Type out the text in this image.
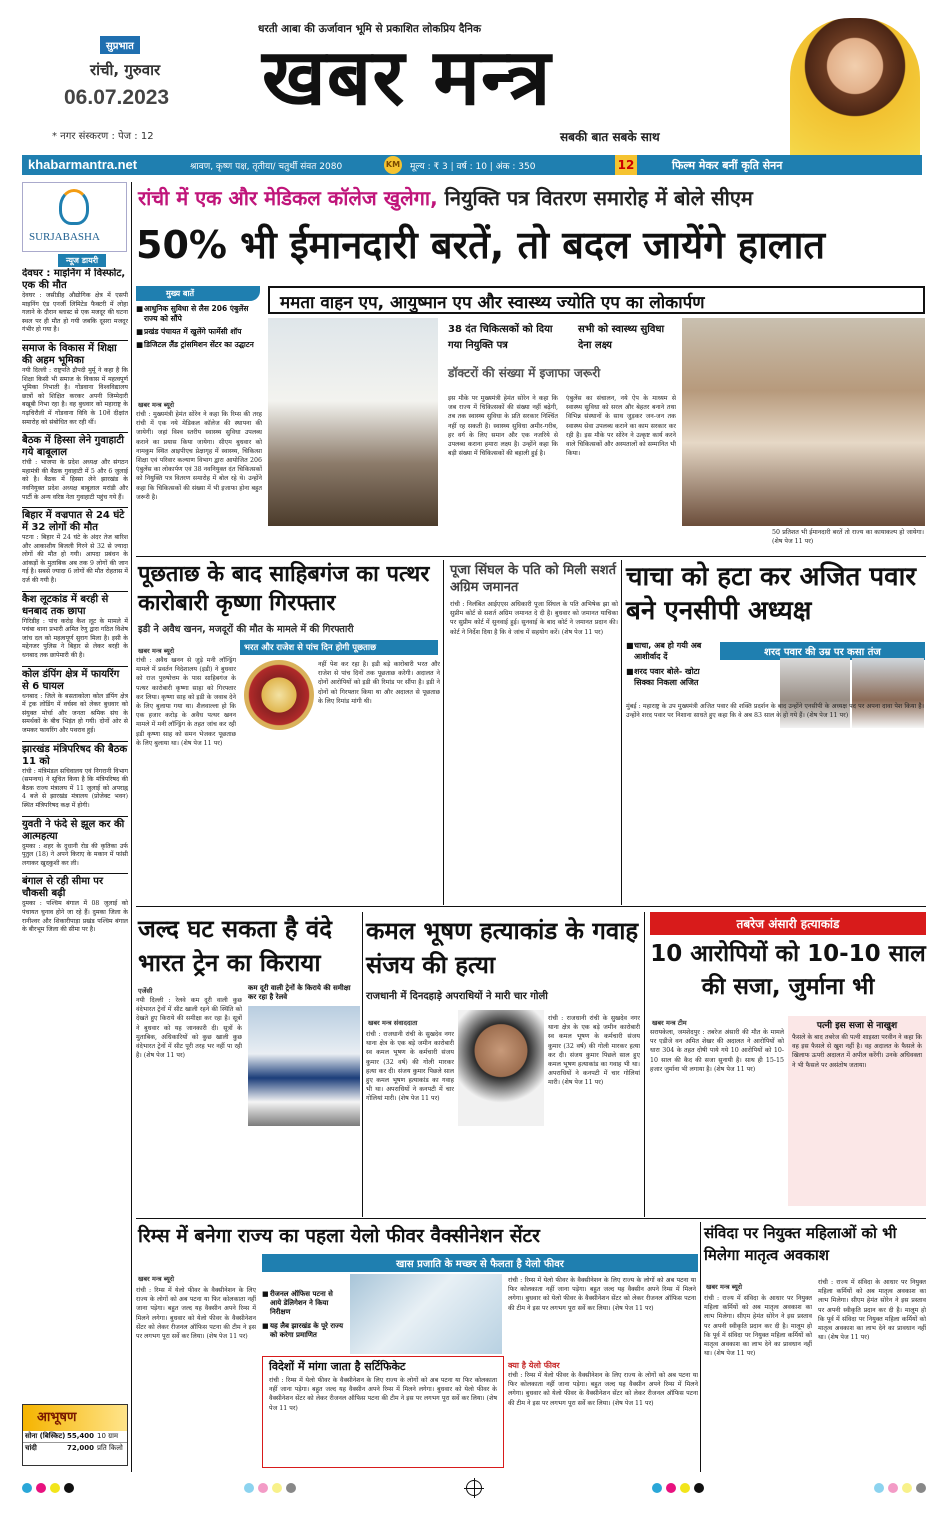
सुप्रभात
रांची, गुरुवार
06.07.2023
* नगर संस्करण : पेज : 12
धरती आबा की ऊर्जावान भूमि से प्रकाशित लोकप्रिय दैनिक
खबर मन्त्र
सबकी बात सबके साथ
khabarmantra.net	श्रावण, कृष्ण पक्ष, तृतीया/ चतुर्थी संवत 2080	KM मूल्य : ₹ 3 | वर्ष : 10 | अंक : 350	12	फिल्म मेकर बनीं कृति सेनन
SURJABASHA
न्यूज डायरी
देवघर : माइनिंग में विस्फोट, एक की मौत
देवघर : जसीडीह औद्योगिक क्षेत्र में एसपी माइनिंग एंड एनर्जी लिमिटेड फैक्टरी में लोहा गलाने के दौरान ब्लास्ट से एक मजदूर की घटना स्थल पर ही मौत हो गयी जबकि दूसरा मजदूर गंभीर हो गया है।
समाज के विकास में शिक्षा की अहम भूमिका
नयी दिल्ली : राष्ट्रपति द्रौपदी मुर्मू ने कहा है कि शिक्षा किसी भी समाज के विकास में महत्वपूर्ण भूमिका निभाती है। गोंडवाना विश्वविद्यालय छात्रों को शिक्षित करकर अपनी जिम्मेदारी बखूबी निभा रहा है। वह बुधवार को महाराष्ट्र के गढ़चिरौली में गोंडवाना विवि के 10वें दीक्षांत समारोह को संबोधित कर रही थीं।
बैठक में हिस्सा लेने गुवाहाटी गये बाबूलाल
रांची : भाजपा के प्रदेश अध्यक्ष और संगठन महामंत्री की बैठक गुवाहाटी में 5 और 6 जुलाई को है। बैठक में हिस्सा लेने झारखंड के नवनियुक्त प्रदेश अध्यक्ष बाबूलाल मरांडी और पार्टी के अन्य वरिष्ठ नेता गुवाहाटी पहुंच गये हैं।
बिहार में वज्रपात से 24 घंटे में 32 लोगों की मौत
पटना : बिहार में 24 घंटे के अंदर तेज बारिश और आकाशीय बिजली गिरने से 32 से ज्यादा लोगों की मौत हो गयी। आपदा प्रबंधन के आंकड़ों के मुताबिक अब तक 9 लोगों की जान गई है। सबसे ज्यादा 6 लोगों की मौत रोहतास में दर्ज की गयी है।
कैश लूटकांड में बरही से धनबाद तक छापा
गिरिडीह : पांच करोड़ कैश लूट के मामले में पचंबा थाना प्रभारी अमित रेणु द्वारा गठित विशेष जांच दल को महत्वपूर्ण सुराग मिला है। इसी के मद्देनजर पुलिस ने बिहार से लेकर बरही के धनबाद तक छापेमारी की है।
कोल डंपिंग क्षेत्र में फायरिंग से 6 घायल
धनबाद : जिले के बसताकोला कोल डंपिंग क्षेत्र में ट्रक लोडिंग में वर्चस्व को लेकर बुधवार को संयुक्त मोर्चा और जनता श्रमिक संघ के समर्थकों के बीच भिड़ंत हो गयी। दोनों ओर से जमकर फायरिंग और पथराव हुई।
झारखंड मंत्रिपरिषद की बैठक 11 को
रांची : मंत्रिमंडल सचिवालय एवं निगरानी विभाग (समन्वय) ने सूचित किया है कि मंत्रिपरिषद की बैठक राज्य मंत्रालय में 11 जुलाई को अपराह्न 4 बजे से झारखंड मंत्रालय (प्रोजेक्ट भवन) स्थित मंत्रिपरिषद कक्ष में होगी।
युवती ने फंदे से झूल कर की आत्महत्या
दुमका : शहर के दुधानी रोड की कृतिका उर्फ पुतुल (18) ने अपने किराए के मकान में फांसी लगाकर खुदकुशी कर ली।
बंगाल से रही सीमा पर चौकसी बढ़ी
दुमका : पश्चिम बंगाल में 08 जुलाई को पंचायत चुनाव होने जा रहे हैं। दुमका जिला के रानीश्वर और शिकारीपाड़ा प्रखंड पश्चिम बंगाल के बीरभूम जिला की सीमा पर है।
आभूषण
सोना (बिस्किट) 55,400 10 ग्राम
चांदी	72,000 प्रति किलो
रांची में एक और मेडिकल कॉलेज खुलेगा, नियुक्ति पत्र वितरण समारोह में बोले सीएम
50% भी ईमानदारी बरतें, तो बदल जायेंगे हालात
मुख्य बातें
■ आधुनिक सुविधा से लैस 206 एंबुलेंस राज्य को सौंपे
■ प्रखंड पंचायत में खुलेंगे फार्मेसी शॉप
■ डिजिटल लैंड ट्रांसमिशन सेंटर का उद्घाटन
खबर मन्त्र ब्यूरो
रांची : मुख्यमंत्री हेमंत सोरेन ने कहा कि रिम्स की तरह रांची में एक नये मेडिकल कॉलेज की स्थापना की जायेगी। जहां विश्व स्तरीय स्वास्थ्य सुविधा उपलब्ध कराने का प्रयास किया जायेगा। सीएम बुधवार को नामकुम स्थित आइपीएच प्रेक्षागृह में स्वास्थ्य, चिकित्सा शिक्षा एवं परिवार कल्याण विभाग द्वारा आयोजित 206 एंबुलेंस का लोकार्पण एवं 38 नवनियुक्त दंत चिकित्सकों को नियुक्ति पत्र वितरण समारोह में बोल रहे थे। उन्होंने कहा कि चिकित्सकों की संख्या में भी इजाफा होना बहुत जरूरी है।
ममता वाहन एप, आयुष्मान एप और स्वास्थ्य ज्योति एप का लोकार्पण
38 दंत चिकित्सकों को दिया गया नियुक्ति पत्र
सभी को स्वास्थ्य सुविधा देना लक्ष्य
डॉक्टरों की संख्या में इजाफा जरूरी
इस मौके पर मुख्यमंत्री हेमंत सोरेन ने कहा कि जब राज्य में चिकित्सकों की संख्या नहीं बढ़ेगी, तब तक स्वास्थ्य सुविधा के प्रति सरकार निश्चिंत नहीं रह सकती है। स्वास्थ्य सुविधा अमीर-गरीब, हर वर्ग के लिए समान और एक नजरिये से उपलब्ध कराना हमारा लक्ष्य है। उन्होंने कहा कि बड़ी संख्या में चिकित्सकों की बहाली हुई है।
एंबुलेंस का संचालन, नये ऐप के माध्यम से स्वास्थ्य सुविधा को सरल और बेहतर बनाने तथा विभिन्न संस्थानों के साथ जुड़कर जन-जन तक स्वास्थ्य सेवा उपलब्ध कराने का काम सरकार कर रही है। इस मौके पर सोरेन ने उत्कृष्ट कार्य करने वाले चिकित्सकों और अस्पतालों को सम्मानित भी किया।
50 प्रतिशत भी ईमानदारी बरतें तो राज्य का कायाकल्प हो जायेगा। (शेष पेज 11 पर)
पूछताछ के बाद साहिबगंज का पत्थर कारोबारी कृष्णा गिरफ्तार
इडी ने अवैध खनन, मजदूरों की मौत के मामले में की गिरफ्तारी
खबर मन्त्र ब्यूरो
रांची : अवैध खनन से जुड़े मनी लॉन्ड्रिंग मामले में प्रवर्तन निदेशालय (इडी) ने बुधवार को राज पुरुषोत्तम के पास साहिबगंज के पत्थर कारोबारी कृष्णा साहा को गिरफ्तार कर लिया। कृष्णा साह को इडी के जवाब देने के लिए बुलाया गया था। शैलवाल्‍ला हो कि एक हजार करोड़ के अवैध पत्थर खनन मामले में मनी लॉन्ड्रिंग के तहत जांच कर रही इडी कृष्णा साह को समन भेजकर पूछताछ के लिए बुलाया था। (शेष पेज 11 पर)
भरत और राजेश से पांच दिन होगी पूछताछ
नहीं पेश कर रहा है। इडी बड़े कारोबारी भरत और राजेश से पांच दिनों तक पूछताछ करेगी। अदालत ने दोनों आरोपियों को इडी की रिमांड पर सौंपा है। इडी ने दोनों को गिरफ्तार किया था और अदालत से पूछताछ के लिए रिमांड मांगी थी।
पूजा सिंघल के पति को मिली सशर्त अग्रिम जमानत
रांची : निलंबित आईएएस अधिकारी पूजा सिंघल के पति अभिषेक झा को सुप्रीम कोर्ट से सशर्त अग्रिम जमानत दे दी है। बुधवार को जमानत याचिका पर सुप्रीम कोर्ट में सुनवाई हुई। सुनवाई के बाद कोर्ट ने जमानत प्रदान की। कोर्ट ने निर्देश दिया है कि वे जांच में सहयोग करें। (शेष पेज 11 पर)
चाचा को हटा कर अजित पवार बने एनसीपी अध्यक्ष
■ चाचा, अब हो गयी अब आशीर्वाद दें
■ शरद पवार बोले- खोटा सिक्का निकला अजित
शरद पवार की उम्र पर कसा तंज
मुंबई : महाराष्ट्र के उप मुख्यमंत्री अजित पवार की शक्ति प्रदर्शन के बाद उन्होंने एनसीपी के अध्यक्ष पद पर अपना दावा पेश किया है। उन्होंने शरद पवार पर निशाना साधते हुए कहा कि वे अब 83 साल के हो गये हैं। (शेष पेज 11 पर)
जल्द घट सकता है वंदे भारत ट्रेन का किराया
एजेंसी
नयी दिल्ली : रेलवे कम दूरी वाली कुछ वंदेभारत ट्रेनों में सीट खाली रहने की स्थिति को देखते हुए किराये की समीक्षा कर रहा है। सूत्रों ने बुधवार को यह जानकारी दी। सूत्रों के मुताबिक, अधिकारियों को कुछ खाली कुछ वंदेभारत ट्रेनों में सीट पूरी तरह भर नहीं पा रही है। (शेष पेज 11 पर)
कम दूरी वाली ट्रेनों के किराये की समीक्षा कर रहा है रेलवे
कमल भूषण हत्याकांड के गवाह संजय की हत्या
राजधानी में दिनदहाड़े अपराधियों ने मारी चार गोली
खबर मन्त्र संवाददाता
रांची : राजधानी रांची के सुखदेव नगर थाना क्षेत्र के एक बड़े जमीन कारोबारी स्व कमल भूषण के कर्मचारी संजय कुमार (32 वर्ष) की गोली मारकर हत्या कर दी। संजय कुमार पिछले साल हुए कमल भूषण हत्याकांड का गवाह भी था। अपराधियों ने कनपटी में चार गोलियां मारी। (शेष पेज 11 पर)
रांची : राजधानी रांची के सुखदेव नगर थाना क्षेत्र के एक बड़े जमीन कारोबारी स्व कमल भूषण के कर्मचारी संजय कुमार (32 वर्ष) की गोली मारकर हत्या कर दी। संजय कुमार पिछले साल हुए कमल भूषण हत्याकांड का गवाह भी था। अपराधियों ने कनपटी में चार गोलियां मारी। (शेष पेज 11 पर)
तबरेज अंसारी हत्याकांड
10 आरोपियों को 10-10 साल की सजा, जुर्माना भी
खबर मन्त्र टीम
सरायकेला, जमशेदपुर : तबरेज अंसारी की मौत के मामले पर एडीजे वन अमित शेखर की अदालत ने आरोपियों को धारा 304 के तहत दोषी पाये गये 10 आरोपियों को 10-10 साल की कैद की सजा सुनायी है। साथ ही 15-15 हजार जुर्माना भी लगाया है। (शेष पेज 11 पर)
पत्नी इस सजा से नाखुश
फैसले के बाद तबरेज की पत्नी शाइस्ता परवीन ने कहा कि वह इस फैसले से खुश नहीं है। वह अदालत के फैसले के खिलाफ ऊपरी अदालत में अपील करेंगी। उनके अधिवक्ता ने भी फैसले पर असंतोष जताया।
रिम्स में बनेगा राज्य का पहला येलो फीवर वैक्सीनेशन सेंटर
खास प्रजाति के मच्छर से फैलता है येलो फीवर
खबर मन्त्र ब्यूरो
रांची : रिम्स में येलो फीवर के वैक्सीनेशन के लिए राज्य के लोगों को अब पटना या फिर कोलकाता नहीं जाना पड़ेगा। बहुत जल्द यह वैक्सीन अपने रिम्स में मिलने लगेगा। बुधवार को येलो फीवर के वैक्सीनेशन सेंटर को लेकर रीजनल ऑफिस पटना की टीम ने इस पर लगभग पूरा सर्वे कर लिया। (शेष पेज 11 पर)
■ रीजनल ऑफिस पटना से आये डेलिगेशन ने किया निरीक्षण
■ यह लैब झारखंड के पूरे राज्य को करेगा प्रमाणित
विदेशों में मांगा जाता है सर्टिफिकेट
रांची : रिम्स में येलो फीवर के वैक्सीनेशन के लिए राज्य के लोगों को अब पटना या फिर कोलकाता नहीं जाना पड़ेगा। बहुत जल्द यह वैक्सीन अपने रिम्स में मिलने लगेगा। बुधवार को येलो फीवर के वैक्सीनेशन सेंटर को लेकर रीजनल ऑफिस पटना की टीम ने इस पर लगभग पूरा सर्वे कर लिया। (शेष पेज 11 पर)
रांची : रिम्स में येलो फीवर के वैक्सीनेशन के लिए राज्य के लोगों को अब पटना या फिर कोलकाता नहीं जाना पड़ेगा। बहुत जल्द यह वैक्सीन अपने रिम्स में मिलने लगेगा। बुधवार को येलो फीवर के वैक्सीनेशन सेंटर को लेकर रीजनल ऑफिस पटना की टीम ने इस पर लगभग पूरा सर्वे कर लिया। (शेष पेज 11 पर)
क्या है येलो फीवर
रांची : रिम्स में येलो फीवर के वैक्सीनेशन के लिए राज्य के लोगों को अब पटना या फिर कोलकाता नहीं जाना पड़ेगा। बहुत जल्द यह वैक्सीन अपने रिम्स में मिलने लगेगा। बुधवार को येलो फीवर के वैक्सीनेशन सेंटर को लेकर रीजनल ऑफिस पटना की टीम ने इस पर लगभग पूरा सर्वे कर लिया। (शेष पेज 11 पर)
संविदा पर नियुक्त महिलाओं को भी मिलेगा मातृत्व अवकाश
खबर मन्त्र ब्यूरो
रांची : राज्य में संविदा के आधार पर नियुक्त महिला कर्मियों को अब मातृत्व अवकाश का लाभ मिलेगा। सीएम हेमंत सोरेन ने इस प्रस्ताव पर अपनी स्वीकृति प्रदान कर दी है। मालूम हो कि पूर्व में संविदा पर नियुक्त महिला कर्मियों को मातृत्व अवकाश का लाभ देने का प्रावधान नहीं था। (शेष पेज 11 पर)
रांची : राज्य में संविदा के आधार पर नियुक्त महिला कर्मियों को अब मातृत्व अवकाश का लाभ मिलेगा। सीएम हेमंत सोरेन ने इस प्रस्ताव पर अपनी स्वीकृति प्रदान कर दी है। मालूम हो कि पूर्व में संविदा पर नियुक्त महिला कर्मियों को मातृत्व अवकाश का लाभ देने का प्रावधान नहीं था। (शेष पेज 11 पर)
